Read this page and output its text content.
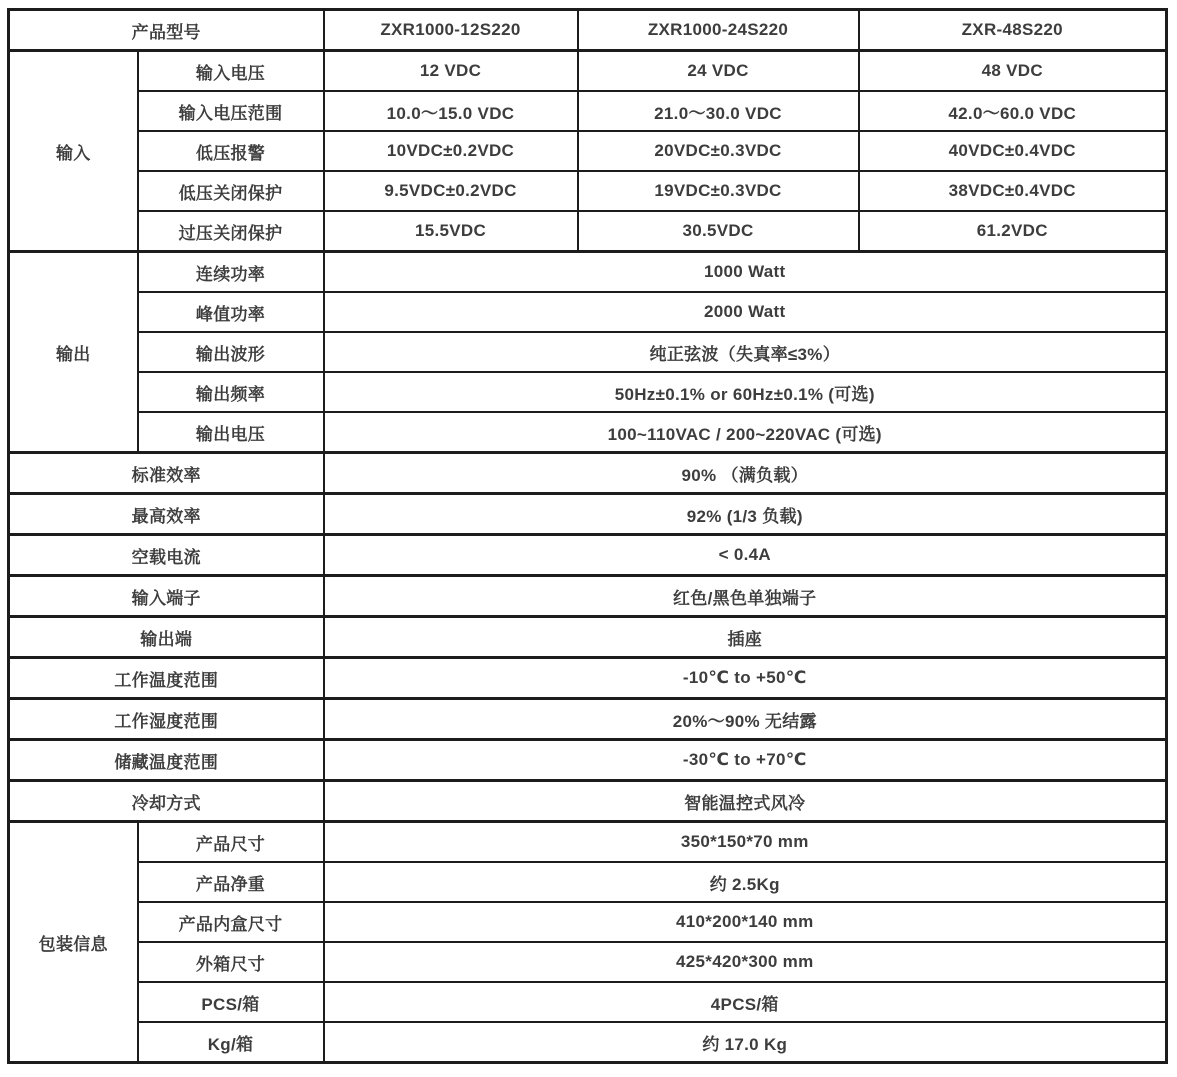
产品型号		ZXR1000-12S220	ZXR1000-24S220	ZXR-48S220
输入	输入电压	12 VDC	24 VDC	48 VDC
	输入电压范围	10.0～15.0 VDC	21.0～30.0 VDC	42.0～60.0 VDC
	低压报警	10VDC±0.2VDC	20VDC±0.3VDC	40VDC±0.4VDC
	低压关闭保护	9.5VDC±0.2VDC	19VDC±0.3VDC	38VDC±0.4VDC
	过压关闭保护	15.5VDC	30.5VDC	61.2VDC
输出	连续功率	1000 Watt		
	峰值功率	2000 Watt		
	输出波形	纯正弦波（失真率≤3%）		
	输出频率	50Hz±0.1% or 60Hz±0.1% (可选)		
	输出电压	100~110VAC / 200~220VAC (可选)		
标准效率		90% （满负载）		
最高效率		92% (1/3 负载)		
空载电流		< 0.4A		
输入端子		红色/黑色单独端子		
输出端		插座		
工作温度范围		-10℃ to +50℃		
工作湿度范围		20%～90% 无结露		
储藏温度范围		-30℃ to +70℃		
冷却方式		智能温控式风冷		
包装信息	产品尺寸	350*150*70 mm		
	产品净重	约 2.5Kg		
	产品内盒尺寸	410*200*140 mm		
	外箱尺寸	425*420*300 mm		
	PCS/箱	4PCS/箱		
	Kg/箱	约 17.0 Kg		
